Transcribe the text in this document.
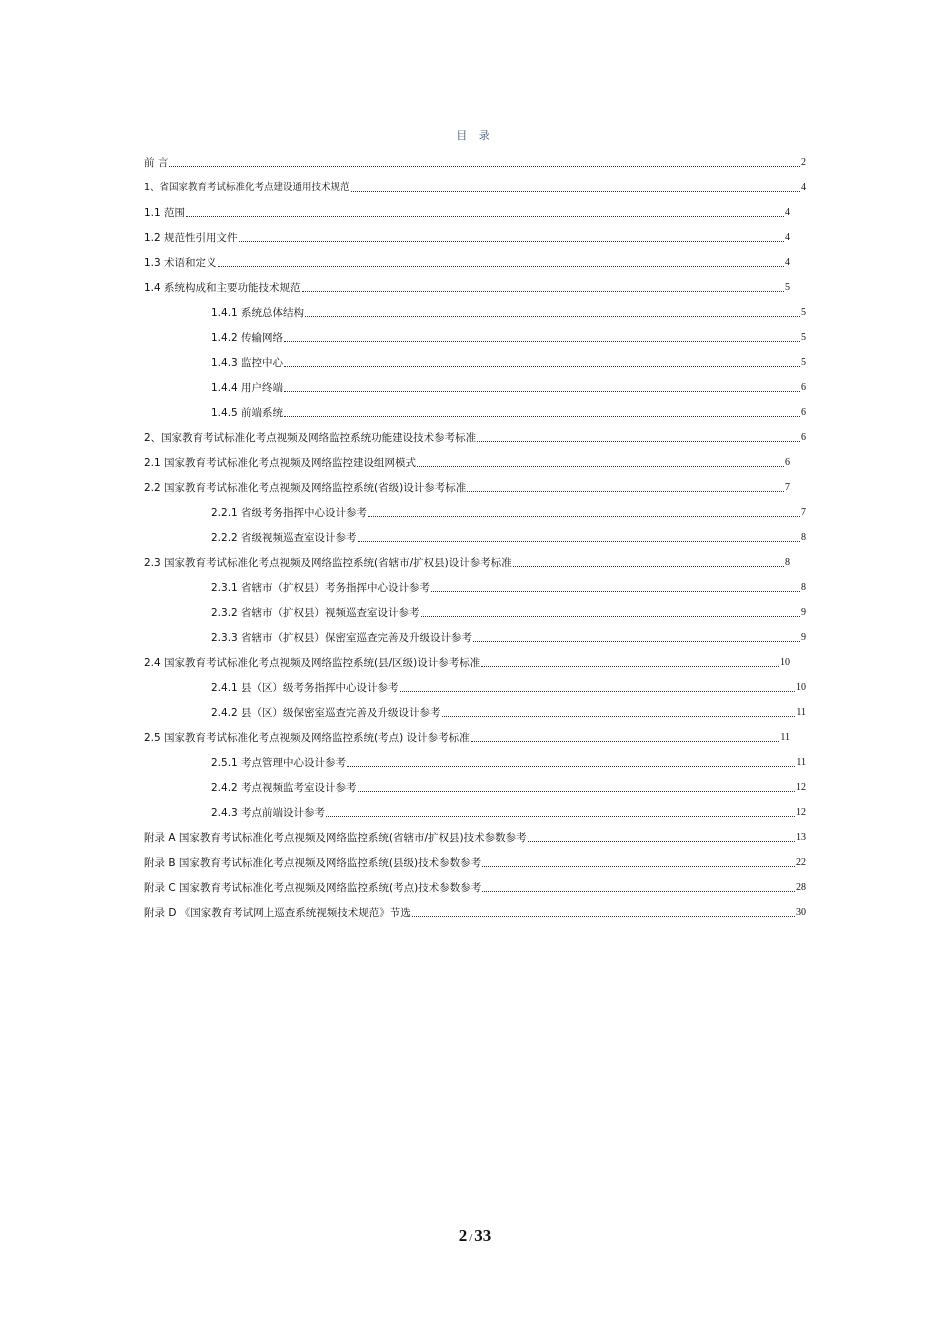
目 录
前 言	2
1、省国家教育考试标准化考点建设通用技术规范	4
1.1 范围	4
1.2 规范性引用文件	4
1.3 术语和定义	4
1.4 系统构成和主要功能技术规范	5
1.4.1 系统总体结构	5
1.4.2 传输网络	5
1.4.3 监控中心	5
1.4.4 用户终端	6
1.4.5 前端系统	6
2、国家教育考试标准化考点视频及网络监控系统功能建设技术参考标准	6
2.1 国家教育考试标准化考点视频及网络监控建设组网模式	6
2.2 国家教育考试标准化考点视频及网络监控系统(省级)设计参考标准	7
2.2.1 省级考务指挥中心设计参考	7
2.2.2 省级视频巡查室设计参考	8
2.3 国家教育考试标准化考点视频及网络监控系统(省辖市/扩权县)设计参考标准	8
2.3.1 省辖市（扩权县）考务指挥中心设计参考	8
2.3.2 省辖市（扩权县）视频巡查室设计参考	9
2.3.3 省辖市（扩权县）保密室巡查完善及升级设计参考	9
2.4 国家教育考试标准化考点视频及网络监控系统(县/区级)设计参考标准	10
2.4.1 县（区）级考务指挥中心设计参考	10
2.4.2 县（区）级保密室巡查完善及升级设计参考	11
2.5 国家教育考试标准化考点视频及网络监控系统(考点) 设计参考标准	11
2.5.1 考点管理中心设计参考	11
2.4.2 考点视频监考室设计参考	12
2.4.3 考点前端设计参考	12
附录 A 国家教育考试标准化考点视频及网络监控系统(省辖市/扩权县)技术参数参考	13
附录 B 国家教育考试标准化考点视频及网络监控系统(县级)技术参数参考	22
附录 C 国家教育考试标准化考点视频及网络监控系统(考点)技术参数参考	28
附录 D 《国家教育考试网上巡查系统视频技术规范》节选	30
2 / 33
